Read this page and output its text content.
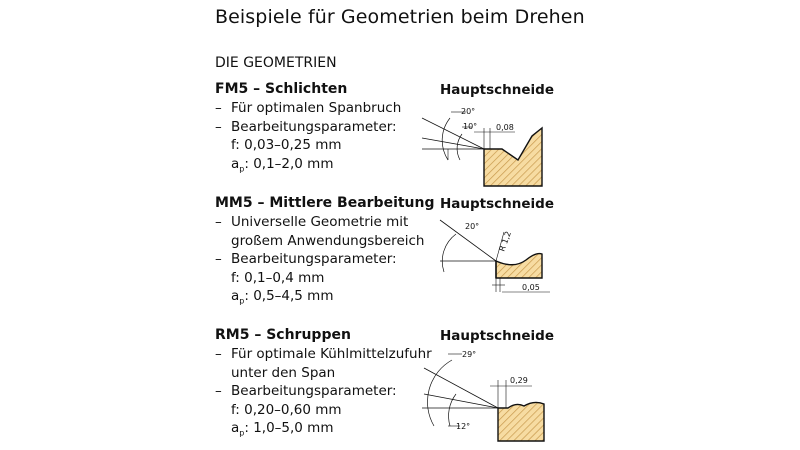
Beispiele für Geometrien beim Drehen
DIE GEOMETRIEN
FM5 – Schlichten
– Für optimalen Spanbruch
– Bearbeitungsparameter:
f: 0,03–0,25 mm
$a_p$: 0,1–2,0 mm
Hauptschneide
20°
10° 0,08
MM5 – Mittlere Bearbeitung
– Universelle Geometrie mit
großem Anwendungsbereich
– Bearbeitungsparameter:
f: 0,1–0,4 mm
$a_p$: 0,5–4,5 mm
Hauptschneide
20°
R 1,2
0,05
RM5 – Schruppen
– Für optimale Kühlmittelzufuhr
unter den Span
– Bearbeitungsparameter:
f: 0,20–0,60 mm
$a_p$: 1,0–5,0 mm
Hauptschneide
29°
12°
0,29
